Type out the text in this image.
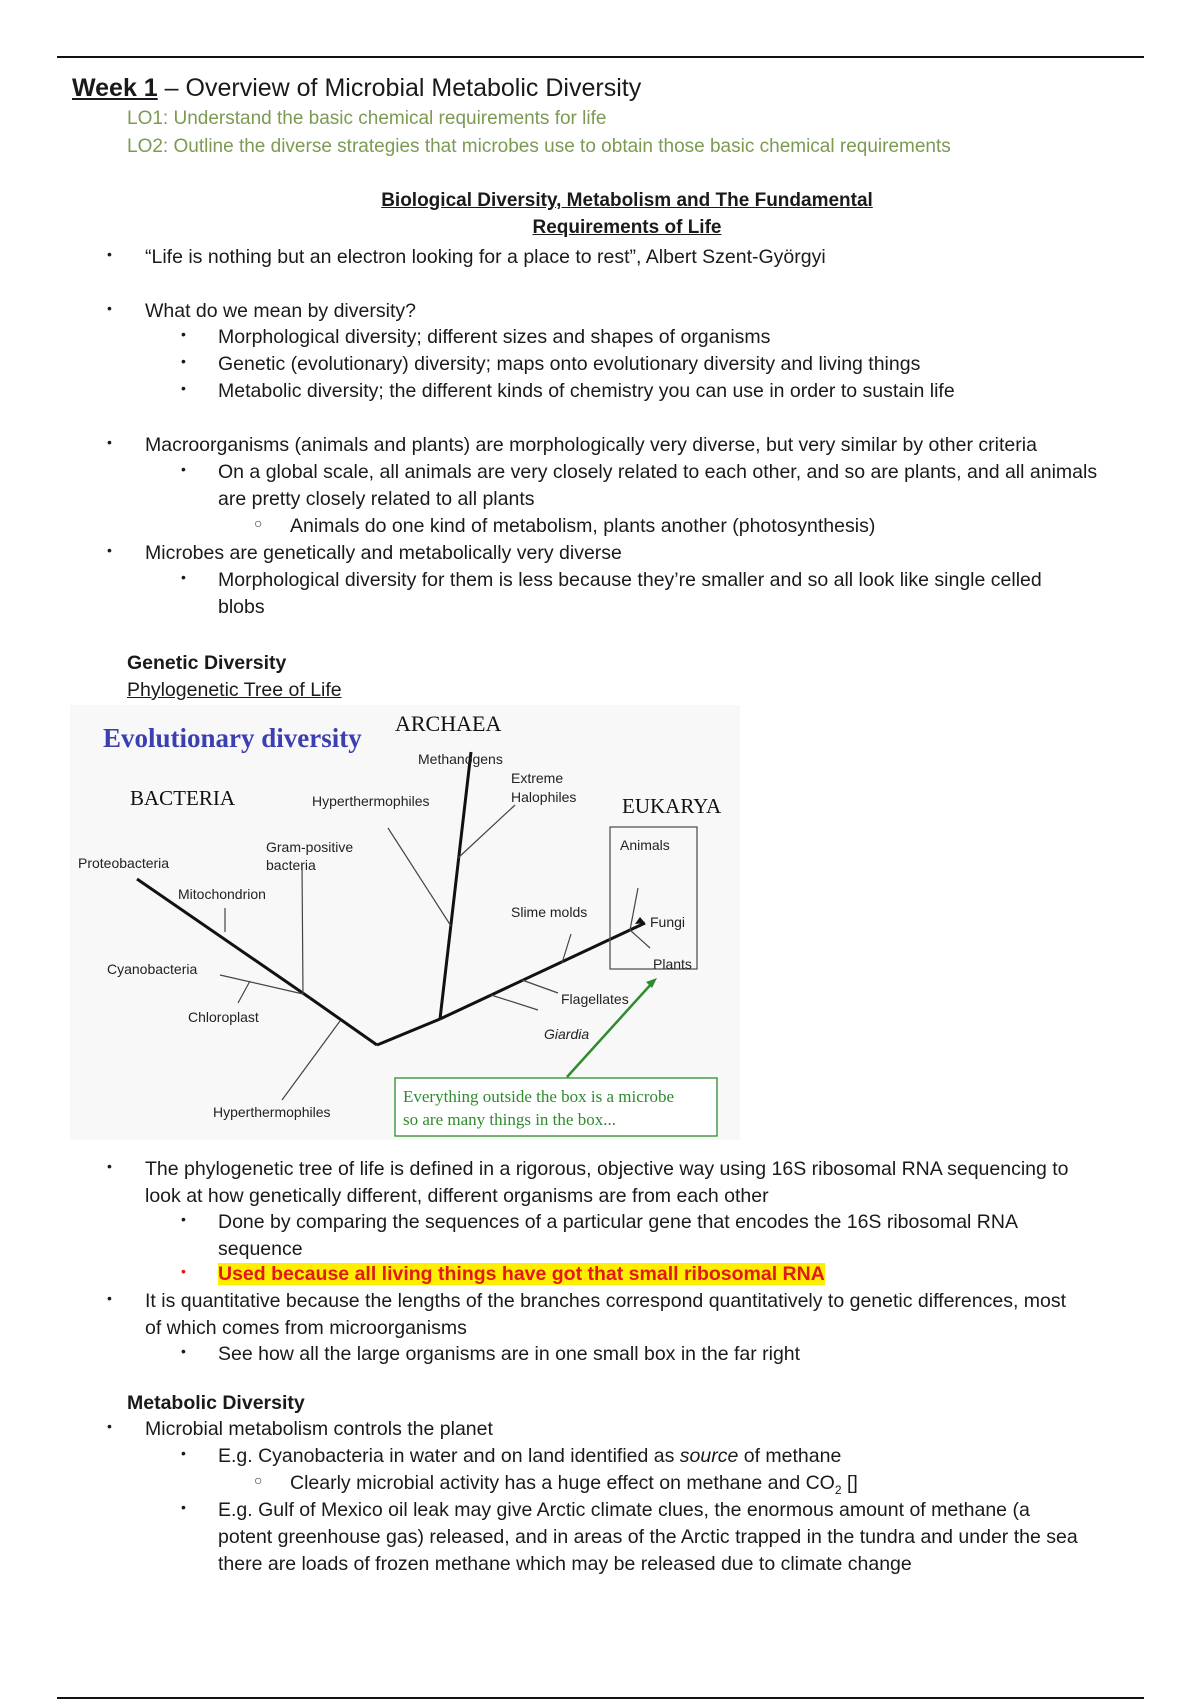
Week 1 – Overview of Microbial Metabolic Diversity
LO1: Understand the basic chemical requirements for life
LO2: Outline the diverse strategies that microbes use to obtain those basic chemical requirements
Biological Diversity, Metabolism and The Fundamental
Requirements of Life
• “Life is nothing but an electron looking for a place to rest”, Albert Szent-Györgyi
• What do we mean by diversity?
• Morphological diversity; different sizes and shapes of organisms
• Genetic (evolutionary) diversity; maps onto evolutionary diversity and living things
• Metabolic diversity; the different kinds of chemistry you can use in order to sustain life
• Macroorganisms (animals and plants) are morphologically very diverse, but very similar by other criteria
• On a global scale, all animals are very closely related to each other, and so are plants, and all animals
are pretty closely related to all plants
○ Animals do one kind of metabolism, plants another (photosynthesis)
• Microbes are genetically and metabolically very diverse
• Morphological diversity for them is less because they’re smaller and so all look like single celled
blobs
Genetic Diversity
Phylogenetic Tree of Life
Evolutionary diversity ARCHAEA
BACTERIA	EUKARYA
Methanogens
Extreme
Halophiles
Hyperthermophiles
Gram-positive
bacteria
Proteobacteria
Mitochondrion
Cyanobacteria
Chloroplast
Hyperthermophiles
Animals
Fungi
Plants
Slime molds
Flagellates
Giardia
Everything outside the box is a microbe
so are many things in the box...
• The phylogenetic tree of life is defined in a rigorous, objective way using 16S ribosomal RNA sequencing to
look at how genetically different, different organisms are from each other
• Done by comparing the sequences of a particular gene that encodes the 16S ribosomal RNA
sequence
• Used because all living things have got that small ribosomal RNA
• It is quantitative because the lengths of the branches correspond quantitatively to genetic differences, most
of which comes from microorganisms
• See how all the large organisms are in one small box in the far right
Metabolic Diversity
• Microbial metabolism controls the planet
• E.g. Cyanobacteria in water and on land identified as source of methane
○ Clearly microbial activity has a huge effect on methane and $CO_2$ []
• E.g. Gulf of Mexico oil leak may give Arctic climate clues, the enormous amount of methane (a
potent greenhouse gas) released, and in areas of the Arctic trapped in the tundra and under the sea
there are loads of frozen methane which may be released due to climate change
